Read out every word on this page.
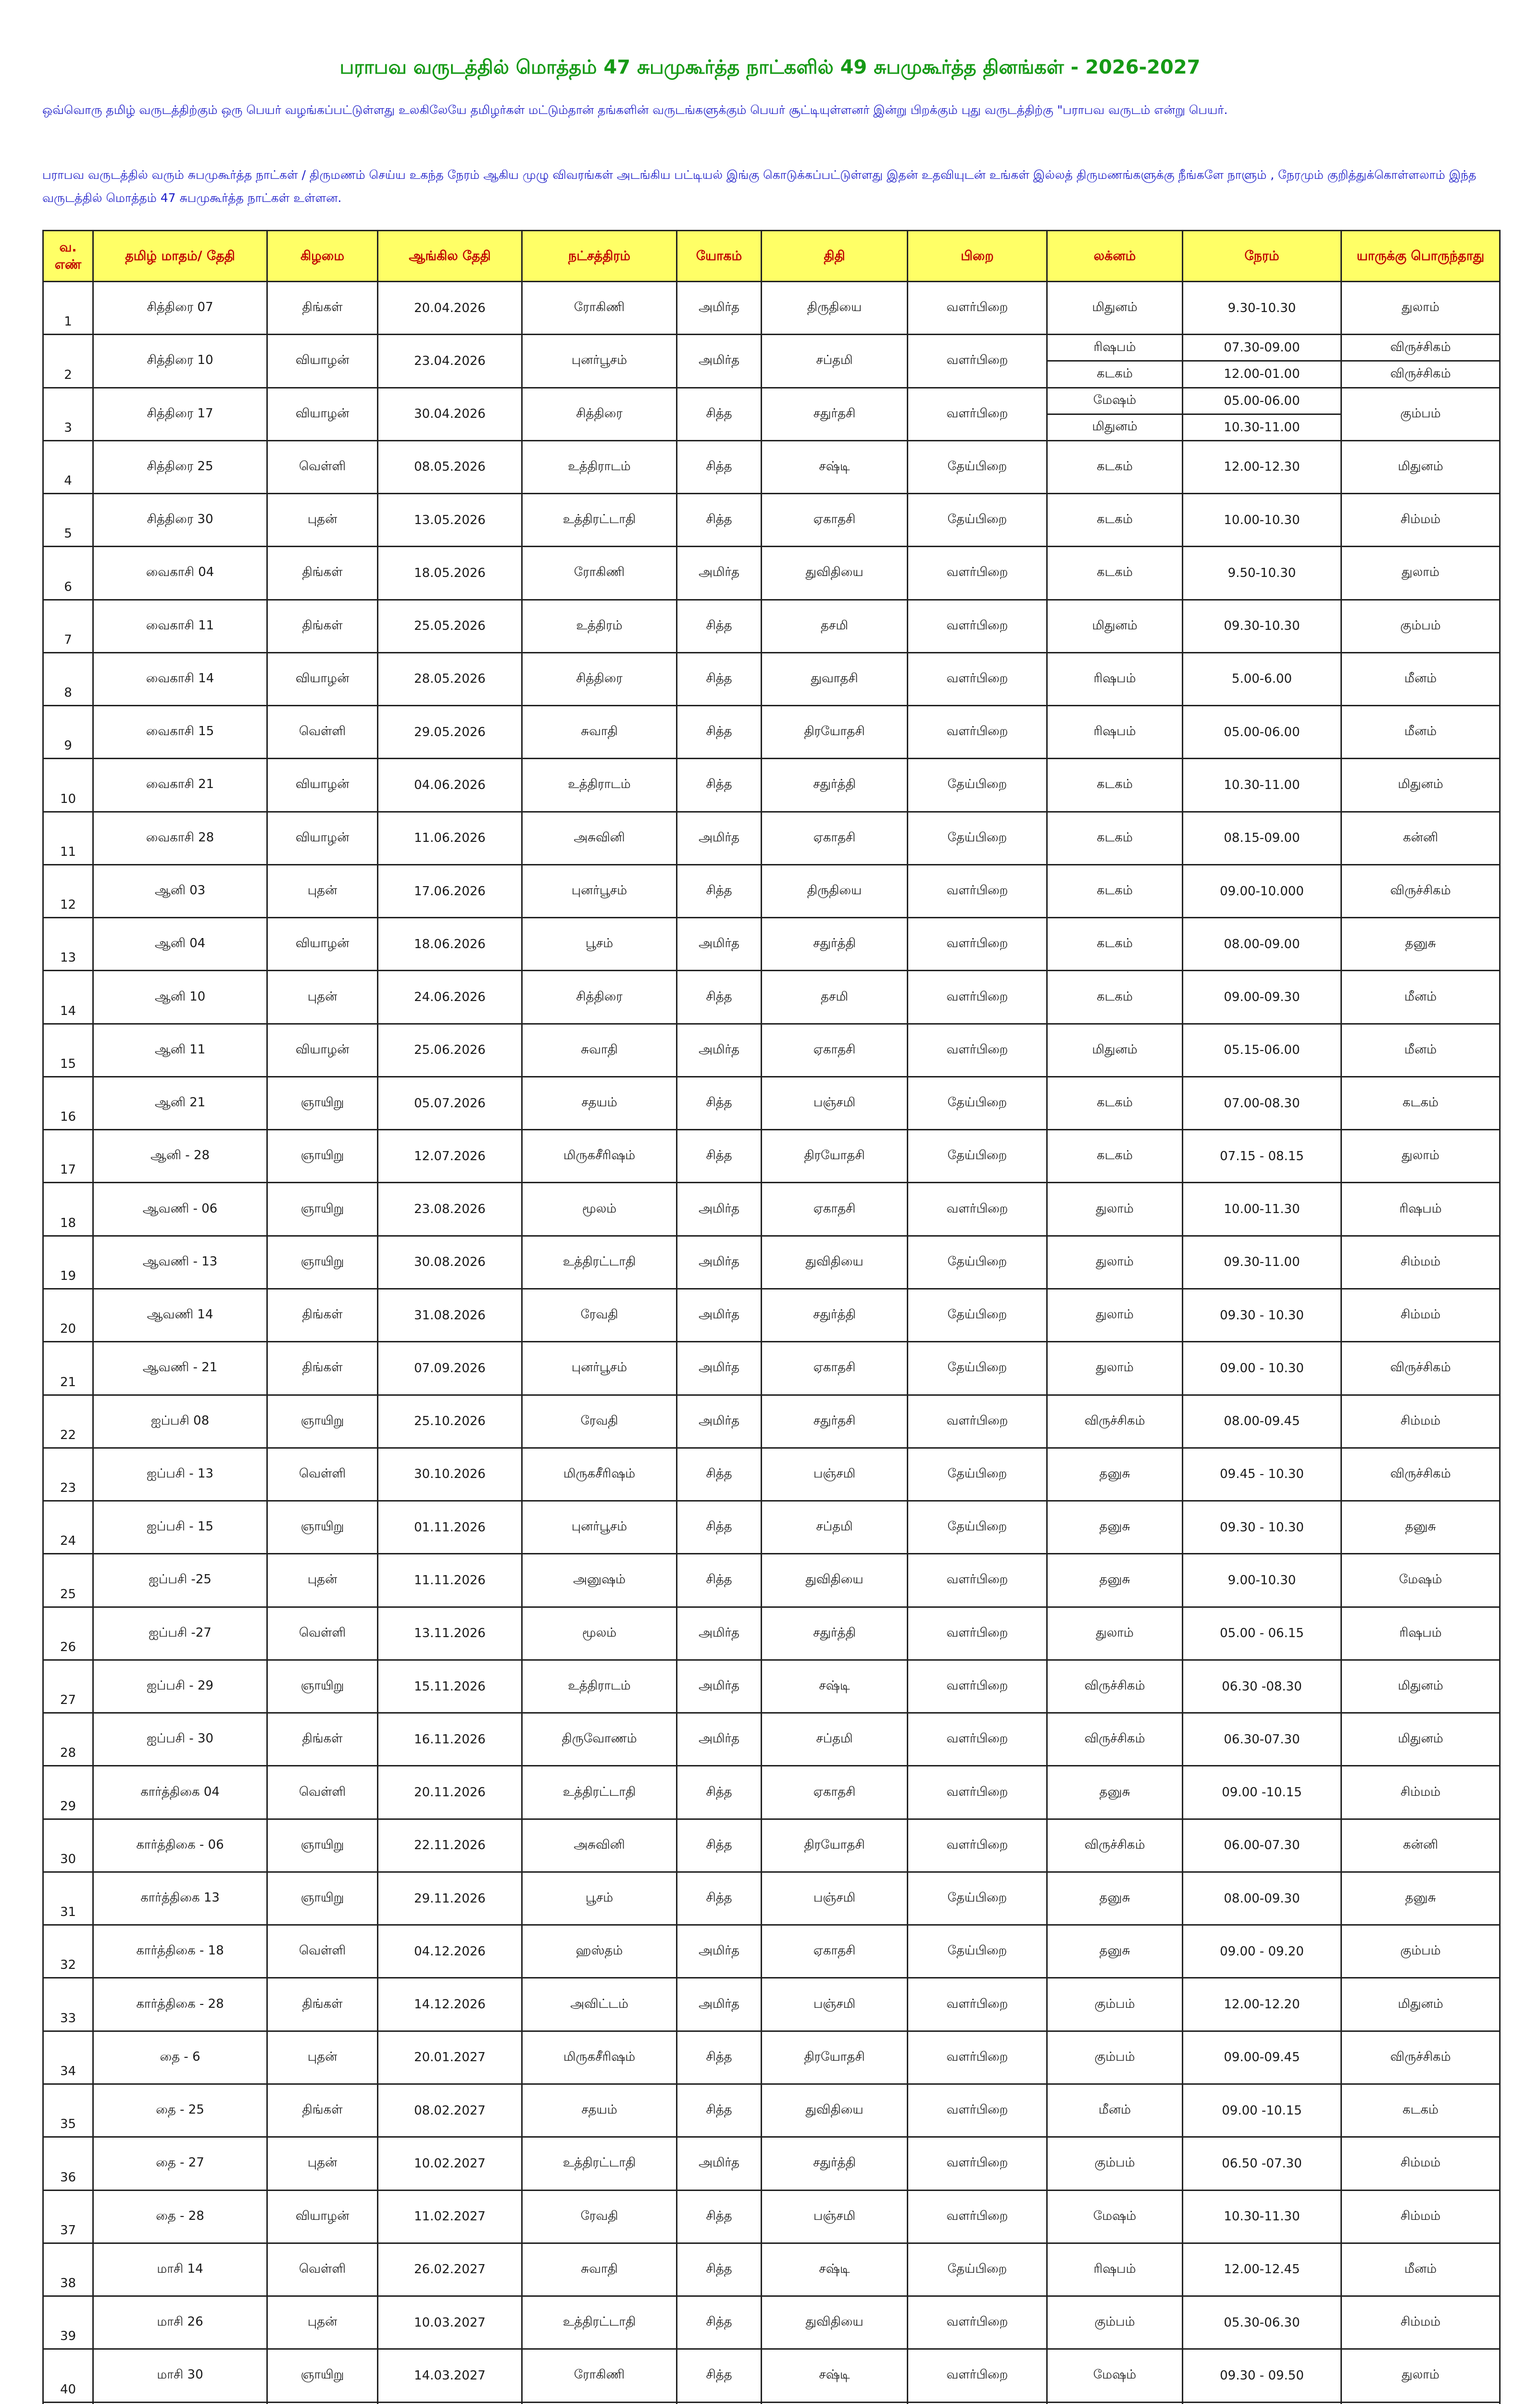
பராபவ வருடத்தில் மொத்தம் 47 சுபமுகூர்த்த நாட்களில் 49 சுபமுகூர்த்த தினங்கள் - 2026-2027
ஒவ்வொரு தமிழ் வருடத்திற்கும் ஒரு பெயர் வழங்கப்பட்டுள்ளது உலகிலேயே தமிழர்கள் மட்டும்தான் தங்களின் வருடங்களுக்கும் பெயர் சூட்டியுள்ளனர் இன்று பிறக்கும் புது வருடத்திற்கு "பராபவ வருடம் என்று பெயர்.
பராபவ வருடத்தில் வரும் சுபமுகூர்த்த நாட்கள் / திருமணம் செய்ய உகந்த நேரம் ஆகிய முழு விவரங்கள் அடங்கிய பட்டியல் இங்கு கொடுக்கப்பட்டுள்ளது இதன் உதவியுடன் உங்கள் இல்லத் திருமணங்களுக்கு நீங்களே நாளும் , நேரமும் குறித்துக்கொள்ளலாம் இந்த வருடத்தில் மொத்தம் 47 சுபமுகூர்த்த நாட்கள் உள்ளன.
வ. எண்	தமிழ் மாதம்/ தேதி	கிழமை	ஆங்கில தேதி	நட்சத்திரம்	யோகம்	திதி	பிறை	லக்னம்	நேரம்	யாருக்கு பொருந்தாது
1	சித்திரை 07	திங்கள்	20.04.2026	ரோகிணி	அமிர்த	திருதியை	வளர்பிறை	மிதுனம்	9.30-10.30	துலாம்
2	சித்திரை 10	வியாழன்	23.04.2026	புனர்பூசம்	அமிர்த	சப்தமி	வளர்பிறை	ரிஷபம்	07.30-09.00	விருச்சிகம்
								கடகம்	12.00-01.00	விருச்சிகம்
3	சித்திரை 17	வியாழன்	30.04.2026	சித்திரை	சித்த	சதுர்தசி	வளர்பிறை	மேஷம்	05.00-06.00	கும்பம்
								மிதுனம்	10.30-11.00	
4	சித்திரை 25	வெள்ளி	08.05.2026	உத்திராடம்	சித்த	சஷ்டி	தேய்பிறை	கடகம்	12.00-12.30	மிதுனம்
5	சித்திரை 30	புதன்	13.05.2026	உத்திரட்டாதி	சித்த	ஏகாதசி	தேய்பிறை	கடகம்	10.00-10.30	சிம்மம்
6	வைகாசி 04	திங்கள்	18.05.2026	ரோகிணி	அமிர்த	துவிதியை	வளர்பிறை	கடகம்	9.50-10.30	துலாம்
7	வைகாசி 11	திங்கள்	25.05.2026	உத்திரம்	சித்த	தசமி	வளர்பிறை	மிதுனம்	09.30-10.30	கும்பம்
8	வைகாசி 14	வியாழன்	28.05.2026	சித்திரை	சித்த	துவாதசி	வளர்பிறை	ரிஷபம்	5.00-6.00	மீனம்
9	வைகாசி 15	வெள்ளி	29.05.2026	சுவாதி	சித்த	திரயோதசி	வளர்பிறை	ரிஷபம்	05.00-06.00	மீனம்
10	வைகாசி 21	வியாழன்	04.06.2026	உத்திராடம்	சித்த	சதுர்த்தி	தேய்பிறை	கடகம்	10.30-11.00	மிதுனம்
11	வைகாசி 28	வியாழன்	11.06.2026	அசுவினி	அமிர்த	ஏகாதசி	தேய்பிறை	கடகம்	08.15-09.00	கன்னி
12	ஆனி 03	புதன்	17.06.2026	புனர்பூசம்	சித்த	திருதியை	வளர்பிறை	கடகம்	09.00-10.000	விருச்சிகம்
13	ஆனி 04	வியாழன்	18.06.2026	பூசம்	அமிர்த	சதுர்த்தி	வளர்பிறை	கடகம்	08.00-09.00	தனுசு
14	ஆனி 10	புதன்	24.06.2026	சித்திரை	சித்த	தசமி	வளர்பிறை	கடகம்	09.00-09.30	மீனம்
15	ஆனி 11	வியாழன்	25.06.2026	சுவாதி	அமிர்த	ஏகாதசி	வளர்பிறை	மிதுனம்	05.15-06.00	மீனம்
16	ஆனி 21	ஞாயிறு	05.07.2026	சதயம்	சித்த	பஞ்சமி	தேய்பிறை	கடகம்	07.00-08.30	கடகம்
17	ஆனி - 28	ஞாயிறு	12.07.2026	மிருகசீரிஷம்	சித்த	திரயோதசி	தேய்பிறை	கடகம்	07.15 - 08.15	துலாம்
18	ஆவணி - 06	ஞாயிறு	23.08.2026	மூலம்	அமிர்த	ஏகாதசி	வளர்பிறை	துலாம்	10.00-11.30	ரிஷபம்
19	ஆவணி - 13	ஞாயிறு	30.08.2026	உத்திரட்டாதி	அமிர்த	துவிதியை	தேய்பிறை	துலாம்	09.30-11.00	சிம்மம்
20	ஆவணி 14	திங்கள்	31.08.2026	ரேவதி	அமிர்த	சதுர்த்தி	தேய்பிறை	துலாம்	09.30 - 10.30	சிம்மம்
21	ஆவணி - 21	திங்கள்	07.09.2026	புனர்பூசம்	அமிர்த	ஏகாதசி	தேய்பிறை	துலாம்	09.00 - 10.30	விருச்சிகம்
22	ஐப்பசி 08	ஞாயிறு	25.10.2026	ரேவதி	அமிர்த	சதுர்தசி	வளர்பிறை	விருச்சிகம்	08.00-09.45	சிம்மம்
23	ஐப்பசி - 13	வெள்ளி	30.10.2026	மிருகசீரிஷம்	சித்த	பஞ்சமி	தேய்பிறை	தனுசு	09.45 - 10.30	விருச்சிகம்
24	ஐப்பசி - 15	ஞாயிறு	01.11.2026	புனர்பூசம்	சித்த	சப்தமி	தேய்பிறை	தனுசு	09.30 - 10.30	தனுசு
25	ஐப்பசி -25	புதன்	11.11.2026	அனுஷம்	சித்த	துவிதியை	வளர்பிறை	தனுசு	9.00-10.30	மேஷம்
26	ஐப்பசி -27	வெள்ளி	13.11.2026	மூலம்	அமிர்த	சதுர்த்தி	வளர்பிறை	துலாம்	05.00 - 06.15	ரிஷபம்
27	ஐப்பசி - 29	ஞாயிறு	15.11.2026	உத்திராடம்	அமிர்த	சஷ்டி	வளர்பிறை	விருச்சிகம்	06.30 -08.30	மிதுனம்
28	ஐப்பசி - 30	திங்கள்	16.11.2026	திருவோணம்	அமிர்த	சப்தமி	வளர்பிறை	விருச்சிகம்	06.30-07.30	மிதுனம்
29	கார்த்திகை 04	வெள்ளி	20.11.2026	உத்திரட்டாதி	சித்த	ஏகாதசி	வளர்பிறை	தனுசு	09.00 -10.15	சிம்மம்
30	கார்த்திகை - 06	ஞாயிறு	22.11.2026	அசுவினி	சித்த	திரயோதசி	வளர்பிறை	விருச்சிகம்	06.00-07.30	கன்னி
31	கார்த்திகை 13	ஞாயிறு	29.11.2026	பூசம்	சித்த	பஞ்சமி	தேய்பிறை	தனுசு	08.00-09.30	தனுசு
32	கார்த்திகை - 18	வெள்ளி	04.12.2026	ஹஸ்தம்	அமிர்த	ஏகாதசி	தேய்பிறை	தனுசு	09.00 - 09.20	கும்பம்
33	கார்த்திகை - 28	திங்கள்	14.12.2026	அவிட்டம்	அமிர்த	பஞ்சமி	வளர்பிறை	கும்பம்	12.00-12.20	மிதுனம்
34	தை - 6	புதன்	20.01.2027	மிருகசீரிஷம்	சித்த	திரயோதசி	வளர்பிறை	கும்பம்	09.00-09.45	விருச்சிகம்
35	தை - 25	திங்கள்	08.02.2027	சதயம்	சித்த	துவிதியை	வளர்பிறை	மீனம்	09.00 -10.15	கடகம்
36	தை - 27	புதன்	10.02.2027	உத்திரட்டாதி	அமிர்த	சதுர்த்தி	வளர்பிறை	கும்பம்	06.50 -07.30	சிம்மம்
37	தை - 28	வியாழன்	11.02.2027	ரேவதி	சித்த	பஞ்சமி	வளர்பிறை	மேஷம்	10.30-11.30	சிம்மம்
38	மாசி 14	வெள்ளி	26.02.2027	சுவாதி	சித்த	சஷ்டி	தேய்பிறை	ரிஷபம்	12.00-12.45	மீனம்
39	மாசி 26	புதன்	10.03.2027	உத்திரட்டாதி	சித்த	துவிதியை	வளர்பிறை	கும்பம்	05.30-06.30	சிம்மம்
40	மாசி 30	ஞாயிறு	14.03.2027	ரோகிணி	சித்த	சஷ்டி	வளர்பிறை	மேஷம்	09.30 - 09.50	துலாம்
